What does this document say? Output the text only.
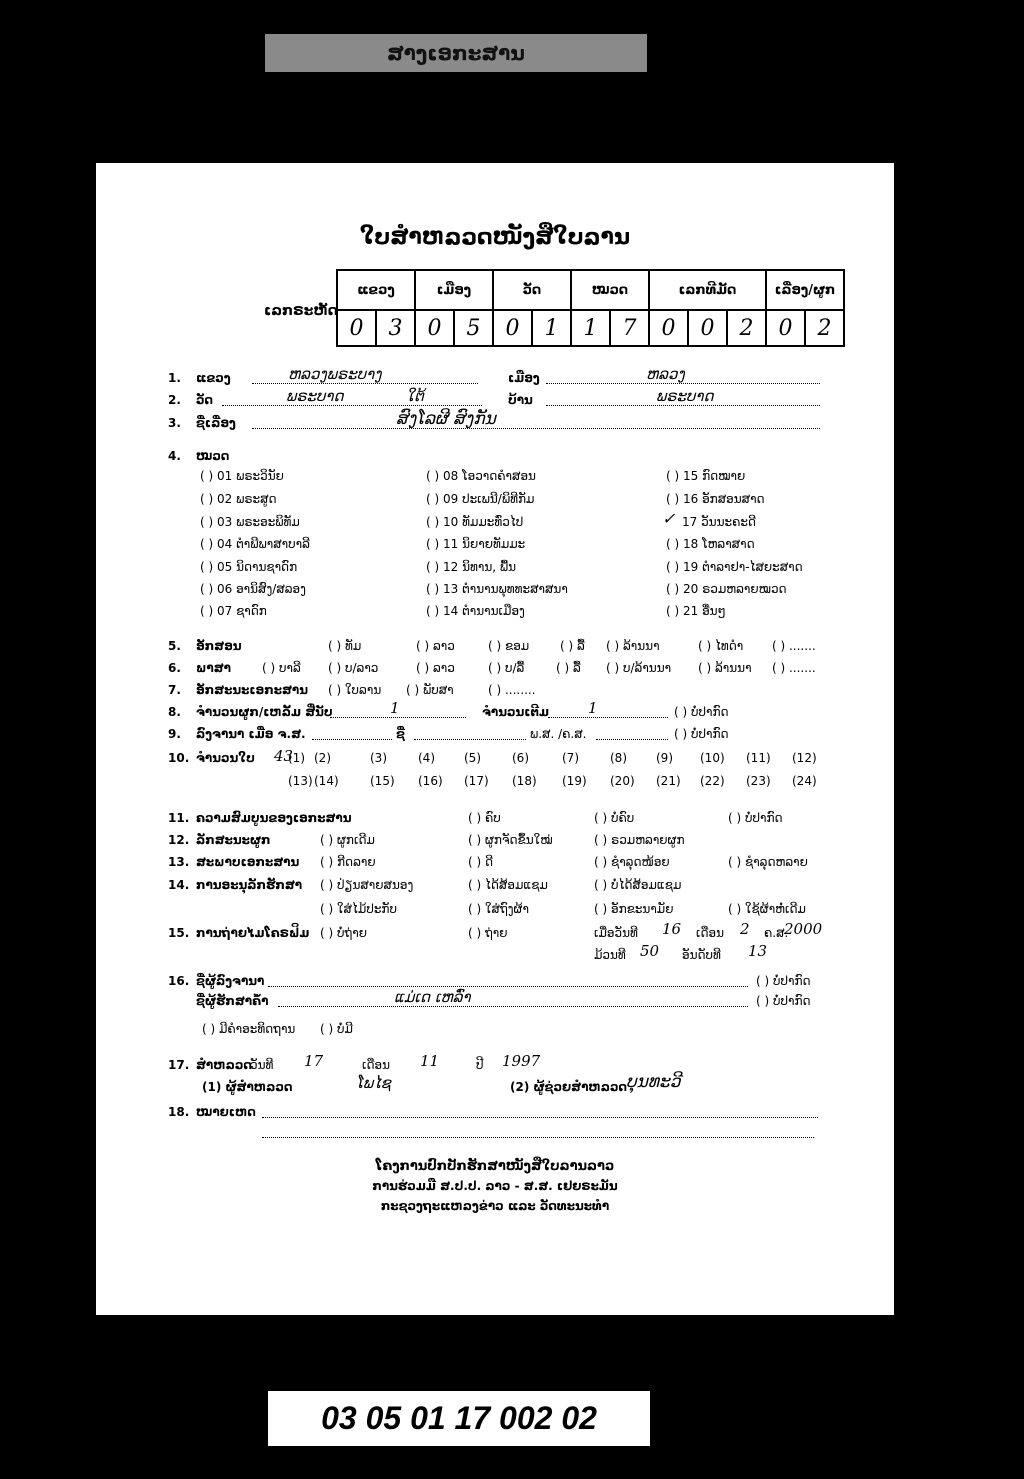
ສາງເອກະສານ
ໃບສຳຫລວດໜັງສືໃບລານ
ເລກຣະຫັດ
ແຂວງ		ເມືອງ		ວັດ		ໝວດ		ເລກທີມັດ			ເລື່ອງ/ຜູກ	
0	3	0	5	0	1	1	7	0	0	2	0	2
1. ແຂວງ	ຫລວງພຣະບາງ	ເມືອງ	ຫລວງ
2. ວັດ	ພຣະບາດ	ໃຕ້	ບ້ານ	ພຣະບາດ
3. ຊື່ເລື່ອງ	ສົງໂລຜີ ສົງກັນ
4. ໝວດ
( ) 01 ພຣະວິນັຍ
( ) 02 ພຣະສູດ
( ) 03 ພຣະອະພິທັມ
( ) 04 ຕຳພີພາສາບາລີ
( ) 05 ນິດານຊາດົກ
( ) 06 ອານິສົງ/ສລອງ
( ) 07 ຊາດົກ
( ) 08 ໂອວາດຄຳສອນ
( ) 09 ປະເພນີ/ພິທີກັມ
( ) 10 ທັມມະທົ່ວໄປ
( ) 11 ນິຍາຍທັມມະ
( ) 12 ນິທານ, ພື້ນ
( ) 13 ຕຳນານພຸທທະສາສນາ
( ) 14 ຕຳນານເມືອງ
( ) 15 ກົດໝາຍ
( ) 16 ອັກສອນສາດ
✓ 17 ວັນນະຄະດີ
( ) 18 ໂຫລາສາດ
( ) 19 ຕຳລາຢາ-ໄສຍະສາດ
( ) 20 ຣວມຫລາຍໝວດ
( ) 21 ອື່ນໆ
5. ອັກສອນ	( ) ທັມ	( ) ລາວ	( ) ຂອມ	( ) ລື້ ( ) ລ້ານນາ	( ) ໄທດຳ ( ) .......
6. ພາສາ	( ) ບາລີ ( ) ບ/ລາວ	( ) ລາວ	( ) ບ/ລື້	( ) ລື້ ( ) ບ/ລ້ານນາ ( ) ລ້ານນາ ( ) .......
7. ອັກສະນະເອກະສານ ( ) ໃບລານ ( ) ພັບສາ	( ) ........
8. ຈຳນວນຜູກ/ເຫລັ້ມ ສື່ນັບ	1	ຈຳນວນເຕີມ	1	( ) ບໍ່ປາກົດ
9. ລົງຈານາ ເມື່ອ ຈ.ສ.	ຊື່	ພ.ສ. /ຄ.ສ.	( ) ບໍ່ປາກົດ
10. ຈຳນວນໃບ 43
11. ຄວາມສົມບູນຂອງເອກະສານ	( ) ຄົບ	( ) ບໍ່ຄົບ	( ) ບໍ່ປາກົດ
12. ລັກສະນະຜູກ	( ) ຜູກເດີມ	( ) ຜູກຈັດຂຶ້ນໃໝ່	( ) ຣວມຫລາຍຜູກ
13. ສະພາບເອກະສານ ( ) ກີດລາຍ	( ) ດີ	( ) ຊຳລຸດໜ້ອຍ	( ) ຊຳລຸດຫລາຍ
14. ການອະນຸລັກຮັກສາ ( ) ປ່ຽນສາຍສນອງ	( ) ໄດ້ສ້ອມແຊມ	( ) ບໍ່ໄດ້ສ້ອມແຊມ
( ) ໃສ່ໄມ້ປະກັບ	( ) ໃສ່ຖົງຜ້າ	( ) ອັກຂະນາມັຍ	( ) ໃຊ້ຜ້າຫໍ່ເດີມ
15. ການຖ່າຍໄມໂຄຣຟິມ ( ) ບໍ່ຖ່າຍ	( ) ຖ່າຍ	ເມື່ອວັນທີ 16 ເດືອນ 2 ຄ.ສ.
2000
ມ້ວນທີ 50 ອັນດັບທີ 13
16. ຊື່ຜູ້ລົງຈານາ	( ) ບໍ່ປາກົດ
ຊື່ຜູ້ຮັກສາຄ້ຳ	ແມ່ເດ ເຫລົ່າ	( ) ບໍ່ປາກົດ
( ) ມີຄຳອະທິດຖານ ( ) ບໍ່ມີ
17. ສຳຫລວດ
ວັນທີ 17	ເດືອນ 11	ປີ 1997
(1) ຜູ້ສຳຫລວດ	ໂພໄຊ	(2) ຜູ້ຊ່ວຍສຳຫລວດ
ບຸນທະວີ
18. ໝາຍເຫດ
ໂຄງການປົກປັກຮັກສາໜັງສືໃບລານລາວ
ການຮ່ວມມື ສ.ປ.ປ. ລາວ - ສ.ສ. ເຢຍຣະມັນ
ກະຊວງຖະແຫລງຂ່າວ ແລະ ວັດທະນະທຳ
(1) (2)	(3)	(4) (5)	(6)	(7)	(8) (9) (10) (11) (12)
(13) (14)	(15) (16) (17) (18) (19) (20) (21) (22) (23) (24)
03 05 01 17 002 02
